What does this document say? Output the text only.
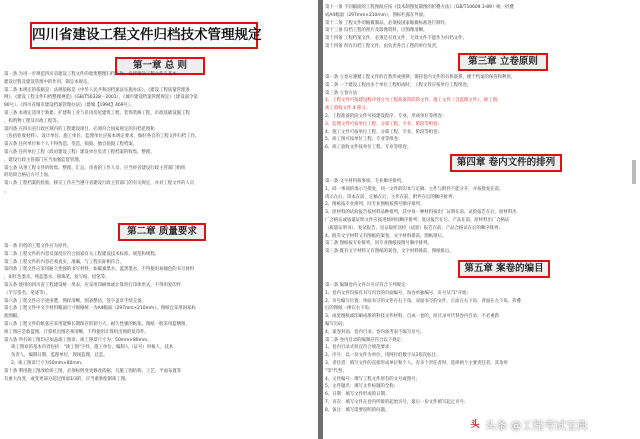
四川省建设工程文件归档技术管理规定
第一章 总 则
第一条 为进一步规范四川省建设工程文件的收集整理归档工作，发挥建设工程文件在基本
建设过程及建设管理中的作用，制定本规定。
第二条 本规定的依据是：法规依据是《中华人民共和国档案法实施办法》、《建设工程质量管理条
例》、《建设工程文件归档整理规范》（GB/T50328－2001）、《城市建设档案管理规定》（建设部令第
90号）、《四川省城市建设档案管理办法》（建城【1994】469号）。
第三条 本规定适用于新建、扩建和工业与民用房屋建筑工程，装饰装修工程，市政基础设施工程
，构筑物工程及市政工程等。
第四条 在四川省行政区域内的工程建设项目，必须符合国家规定的归档范围和
（包括验收材料）。设计单位、施工单位、监理单位应按本规定要求，做好各自的工程文件归档工作。
第五条 任何单位和个人不得伪造、变造、损毁、擅自销毁工程档案。
第六条 任何单位工程（政府建设工程）建设单位负责工程档案的收集、整理、
，建设行政主管部门应当加强监督管理。
第七条 从事工程文件的收集、整理、汇总、审查的工作人员，应当经省建设行政主管部门组织
的培训合格后方可上岗。
第八条 工程档案的验收、移交工作应当遵守省建设行政主管部门的有关规定，并对工程文件的人员
。
第二章 质量要求
第一条 归档的工程文件应为原件。
第二条 工程文件的内容及深度应符合国家有关工程建设技术标准、规范和规程。
第三条 工程文件的内容必须真实、准确，与工程实际相符合。
第四条 工程文件应采用耐久性强的书写材料，如碳素墨水、蓝黑墨水，不得使用易褪色的书写材料
，如红色墨水、纯蓝墨水、圆珠笔、复写纸、铅笔等。
第五条 使用的四川省工程建设统一用表，应采用印刷体或计算机打印体形式，不得用复印件
（手写签名、笔迹等）。
第六条 工程文件应字迹清楚，图样清晰，图表整洁，签字盖章手续完备。
第七条 工程文件中文字材料幅面尺寸规格统一为A4幅面（297mm×210mm）。图纸宜采用国家标
准图幅。
第八条 工程文件的纸张应采用能够长期保存的韧力大、耐久性强的纸张。图纸一般采用蓝晒图，
竣工图应是新蓝图，计算机出图必须清晰，不得使用计算机出图的复印件。
第九条 所有竣工图均应加盖竣工图章，竣工图章尺寸为：50mm×80mm。
竣工图章的基本内容包括："竣工图"字样，施工单位，编制人（证号）审核人，技术
负责人，编制日期，监理单位，现场监理，总监。
2、竣工图章尺寸为50mm×80mm。
第十条 利用施工图改绘竣工图，必须标明变更修改依据；凡施工图结构、工艺、平面布置等
有重大改变，或变更部分超过图面1/3的，应当重新绘制竣工图。
第十一条 不同幅面的工程图纸应按《技术制图复制图的折叠方法》（GB/T10609.3-89）统一折叠
成A4幅面（297mm×210mm），图标栏露在外面。
第十二条 工程文件的缩微制品，必须按国家缩微标准进行制作，
第十三条 归档工程的照片及影像资料，应图像清晰。
第十四条 工程档案文件，必须是有效文件，无效文件不能作为归档文件。
第十四条 所有归档工程文件，由负责各自工程的单位负责，
第三章 立卷原则
第一条 立卷应遵循工程文件的自然形成规律，保持卷内文件的有机联系，便于档案的保管和利用。
第二条 一个建设工程由多个单位工程组成时，工程文件应按单位工程组卷。
第三条 立卷方法：
1、工程文件可按建设程序划分为工程准备阶段的文件、施工文件（含监理文件）、竣工图、
竣工验收文件 4 部分，
2、工程准备阶段文件可按建设程序、专业、形成单位等组卷；
3、监理文件可按单位工程、分部工程、专业、阶段等组卷；
4、施工文件可按单位工程、分部工程、专业、阶段等组卷；
5、竣工图可按单位工程、专业等组卷；
6、竣工验收文件按单位工程、专业等组卷。
第四章 卷内文件的排列
第一条 文字材料按事项、专业顺序排列。
1、同一事项的请示与批复，同一文件的印本与定稿、主件与附件不能分开，并按批复在前、
请示在后，印本在前、定稿在后，主件在前、附件在后的顺序排列；
2、图纸按专业排列，同专业图纸按图号顺序排列；
3、原材料的试验报告按材料品种排列，其中每一种材料按出厂证明在前、试验报告在后，原材料出
厂合格证或质量证明文件应按进场时间顺序排列；复试报告在后、产品在前，原材料出厂合格证
（质量证明书）、复试报告、见证取样送检（试验）报告在前、产品合格证在后的顺序排列；
4、既有文字材料又有图纸的案卷，文字材料排前，图纸排后。
第二条 图纸按专业排列，同专业图纸按图号顺序排列。
第三条 既有文字材料又有图纸的案卷，文字材料排前，图纸排后。
第五章 案卷的编目
第一条 编制卷内文件页号应符合下列规定：
1、卷内文件均按有书写内容的页面编号，每卷单独编号，页号从"1"开始；
2、页号编写位置：单面书写的文件在右下角，双面书写的文件，正面在右下角，背面在左下角。折叠
后的图纸一律在右下角；
3、成套图纸或印刷成册的科技文件材料，自成一卷的，原目录可代替卷内目录，不必重新
编写页码；
4、案卷封面、卷内目录、卷内备考表不编写页号。
第二条 卷内目录的编制应符合以下规定：
1、卷内目录式样宜符合规范要求；
2、序号：以一份文件为单位，用阿拉伯数字从1依次标注；
3、责任者：填写文件的直接形成单位和个人。有多个责任者时，选择两个主要责任者，其余用
"等"代替；
4、文件编号：填写工程文件原有的文号或图号；
5、文件题名：填写文件标题的全称；
6、日期：填写文件形成的日期；
7、页次：填写文件在卷内所排的起始页号，最后一份文件填写起止页号；
8、备注：填写需要说明的问题。
头 头条 @工程考试宝典
